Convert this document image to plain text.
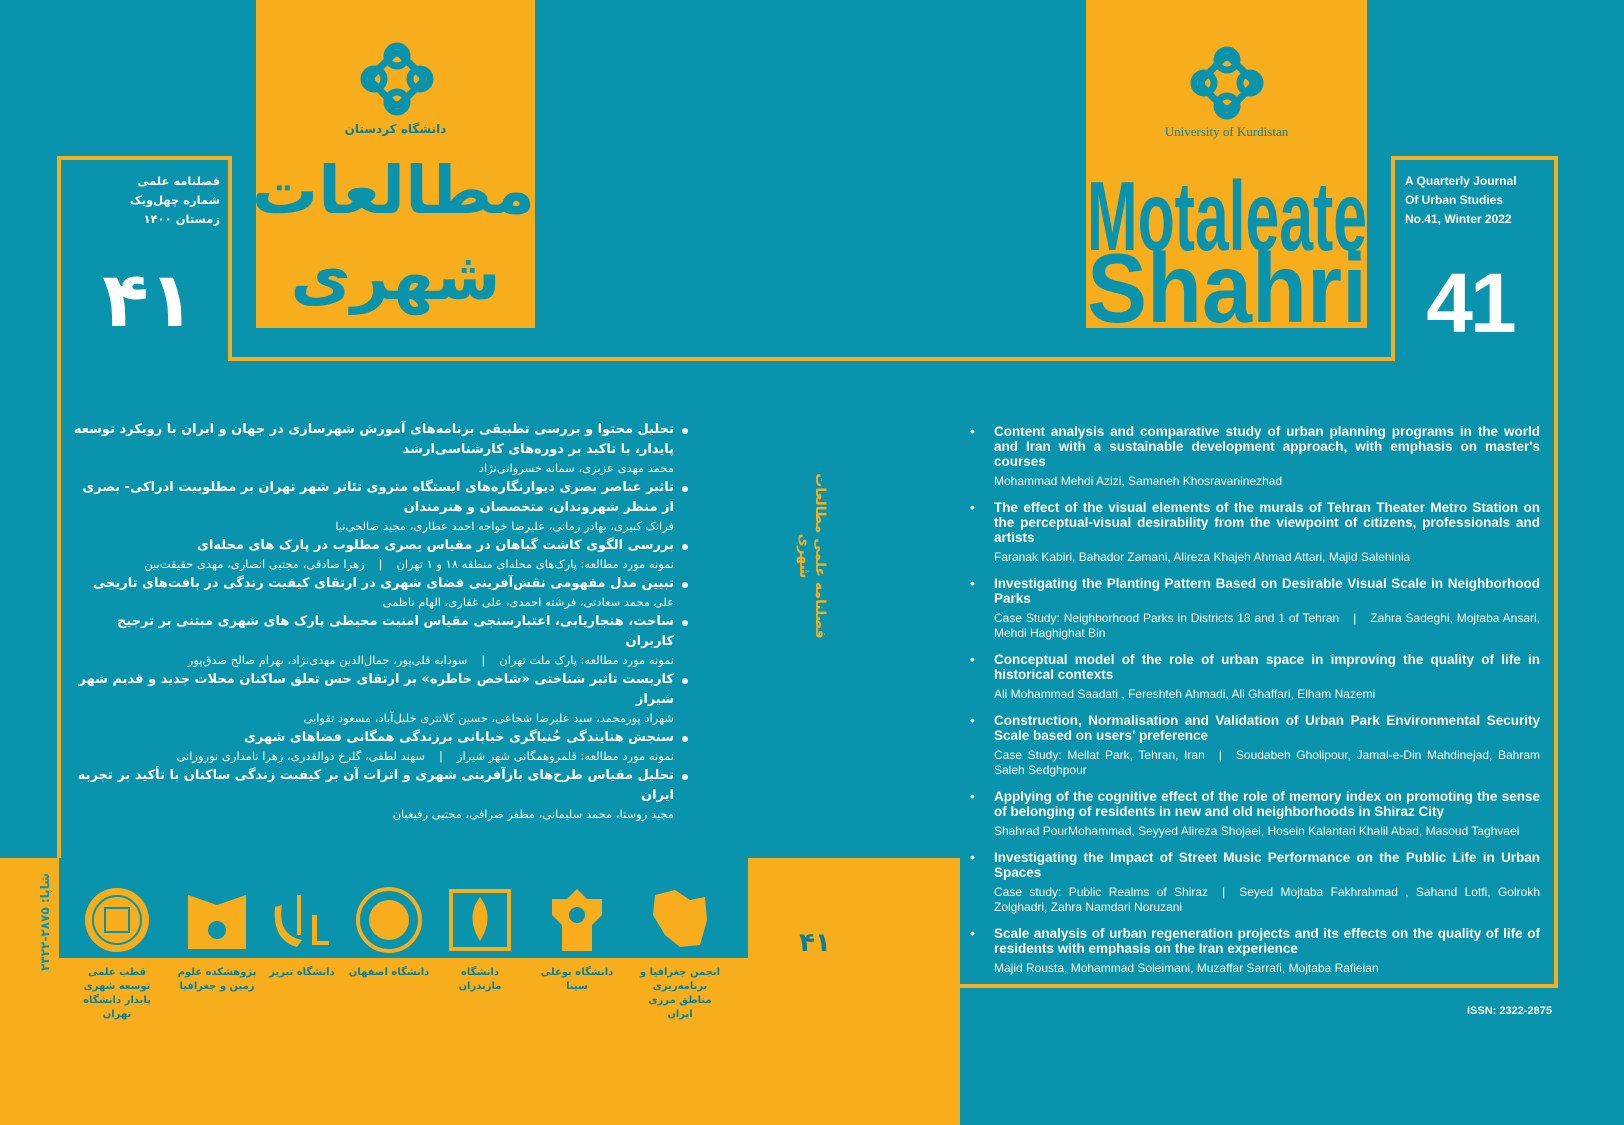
دانشگاه کردستان	University of Kurdistan
مطالعات
شهری
فصلنامه علمی
شماره چهل‌ویک
زمستان ۱۴۰۰
۴۱
Motaleate
Shahri
A Quarterly Journal
Of Urban Studies
No.41, Winter 2022
41
فصلنامه علمی مطالعات شهری
۴۱
شاپا: ۲۸۷۵-۲۳۲۲
تحلیل محتوا و بررسی تطبیقی برنامه‌های آموزش شهرسازی در جهان و ایران با رویکرد توسعه پایدار، با تاکید بر دوره‌های کارشناسی‌ارشد
محمد مهدی عزیزی، سمانه خسروانی‌نژاد
تاثیر عناصر بصری دیوارنگاره‌های ایستگاه متروی تئاتر شهر تهران بر مطلوبیت ادراکی- بصری از منظر شهروندان، متخصصان و هنرمندان
فرانک کبیری، بهادر زمانی، علیرضا خواجه احمد عطاری، مجید صالحی‌نیا
بررسی الگوی کاشت گیاهان در مقیاس بصری مطلوب در پارک های محله‌ای
نمونه مورد مطالعه: پارک‌های محله‌ای منطقه ۱۸ و ۱ تهران|زهرا صادقی، مجتبی انصاری، مهدی حقیقت‌بین
تبیین مدل مفهومی نقش‌آفرینی فضای شهری در ارتقای کیفیت زندگی در بافت‌های تاریخی
علی محمد سعادتی، فرشته احمدی، علی غفاری، الهام ناظمی
ساخت، هنجاریابی، اعتبارسنجی مقیاس امنیت محیطی پارک های شهری مبتنی بر ترجیح کاربران
نمونه مورد مطالعه: پارک ملت تهران|سودابه قلی‌پور، جمال‌الدین مهدی‌نژاد، بهرام صالح صدق‌پور
کاربست تاثیر شناختی «شاخص خاطره» بر ارتقای حس تعلق ساکنان محلات جدید و قدیم شهر شیراز
شهراد پورمحمد، سید علیرضا شجاعی، حسین کلانتری خلیل‌آباد، مسعود تقوایی
سنجش هنایندگی خُنیاگری خیابانی برزندگی همگانی فضاهای شهری
نمونه مورد مطالعه: قلمروهمگانی شهر شیراز|سهند لطفی، گلرخ ذوالقدری، زهرا نامداری نوروزانی
تحلیل مقیاس طرح‌های بازآفرینی شهری و اثرات آن بر کیفیت زندگی ساکنان با تأکید بر تجربه ایران
مجید روستا، محمد سلیمانی، مظفر صرافی، مجتبی رفیعیان
• Content analysis and comparative study of urban planning programs in the world and Iran with a sustainable development approach, with emphasis on master's courses
Mohammad Mehdi Azizi, Samaneh Khosravaninezhad
• The effect of the visual elements of the murals of Tehran Theater Metro Station on the perceptual-visual desirability from the viewpoint of citizens, professionals and artists
Faranak Kabiri, Bahador Zamani, Alireza Khajeh Ahmad Attari, Majid Salehinia
• Investigating the Planting Pattern Based on Desirable Visual Scale in Neighborhood Parks
Case Study: Neighborhood Parks in Districts 18 and 1 of Tehran | Zahra Sadeghi, Mojtaba Ansari, Mehdi Haghighat Bin
• Conceptual model of the role of urban space in improving the quality of life in historical contexts
Ali Mohammad Saadati , Fereshteh Ahmadi, Ali Ghaffari, Elham Nazemi
• Construction, Normalisation and Validation of Urban Park Environmental Security Scale based on users' preference
Case Study: Mellat Park, Tehran, Iran | Soudabeh Gholipour, Jamal-e-Din Mahdinejad, Bahram Saleh Sedghpour
• Applying of the cognitive effect of the role of memory index on promoting the sense of belonging of residents in new and old neighborhoods in Shiraz City
Shahrad PourMohammad, Seyyed Alireza Shojaei, Hosein Kalantari Khalil Abad, Masoud Taghvaei
• Investigating the Impact of Street Music Performance on the Public Life in Urban Spaces
Case study: Public Realms of Shiraz | Seyed Mojtaba Fakhrahmad , Sahand Lotfi, Golrokh Zolghadri, Zahra Namdari Noruzani
• Scale analysis of urban regeneration projects and its effects on the quality of life of residents with emphasis on the Iran experience
Majid Rousta, Mohammad Soleimani, Muzaffar Sarrafi, Mojtaba Rafieian
انجمن جغرافیا و برنامه‌ریزی مناطق مرزی ایران
دانشگاه بوعلی سینا
دانشگاه مازندران
دانشگاه اصفهان
دانشگاه تبریز
پژوهشکده علوم زمین و جغرافیا
قطب علمی توسعه شهری پایدار دانشگاه تهران	ISSN: 2322-2875
